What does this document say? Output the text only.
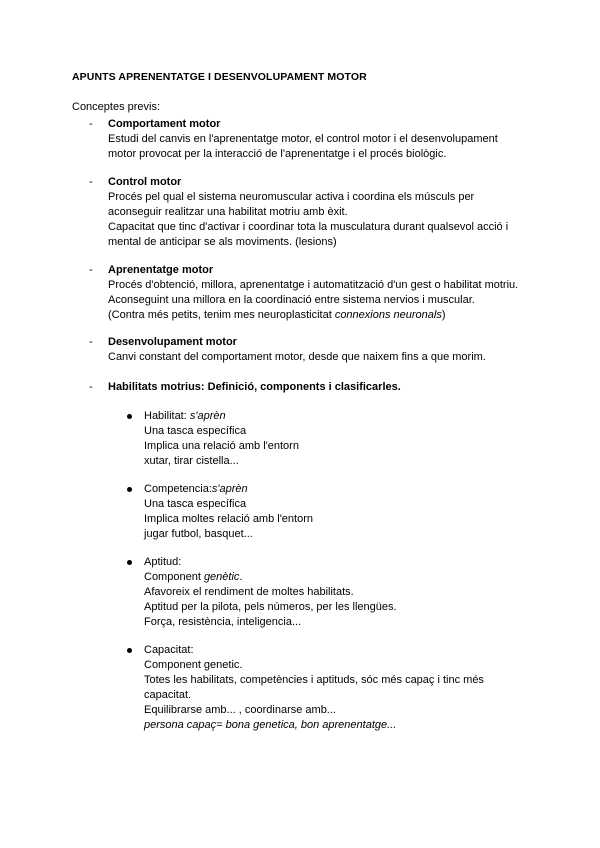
APUNTS APRENENTATGE I DESENVOLUPAMENT MOTOR
Conceptes previs:
- Comportament motor
Estudi del canvis en l'aprenentatge motor, el control motor i el desenvolupament
motor provocat per la interacció de l'aprenentatge i el procés biològic.
- Control motor
Procés pel qual el sistema neuromuscular activa i coordina els músculs per
aconseguir realitzar una habilitat motriu amb èxit.
Capacitat que tinc d'activar i coordinar tota la musculatura durant qualsevol acció i
mental de anticipar se als moviments. (lesions)
- Aprenentatge motor
Procés d'obtenció, millora, aprenentatge i automatització d'un gest o habilitat motriu.
Aconseguint una millora en la coordinació entre sistema nervios i muscular.
(Contra més petits, tenim mes neuroplasticitat connexions neuronals)
- Desenvolupament motor
Canvi constant del comportament motor, desde que naixem fins a que morim.
- Habilitats motrius: Definició, components i clasificarles.
Habilitat: s'aprèn
Una tasca específica
Implica una relació amb l'entorn
xutar, tirar cistella...
Competencia:s'aprèn
Una tasca específica
Implica moltes relació amb l'entorn
jugar futbol, basquet...
Aptitud:
Component genètic.
Afavoreix el rendiment de moltes habilitats.
Aptitud per la pilota, pels números, per les llengües.
Força, resistència, inteligencia...
Capacitat:
Component genetic.
Totes les habilitats, competències i aptituds, sóc més capaç i tinc més
capacitat.
Equilibrarse amb... , coordinarse amb...
persona capaç= bona genetica, bon aprenentatge...
